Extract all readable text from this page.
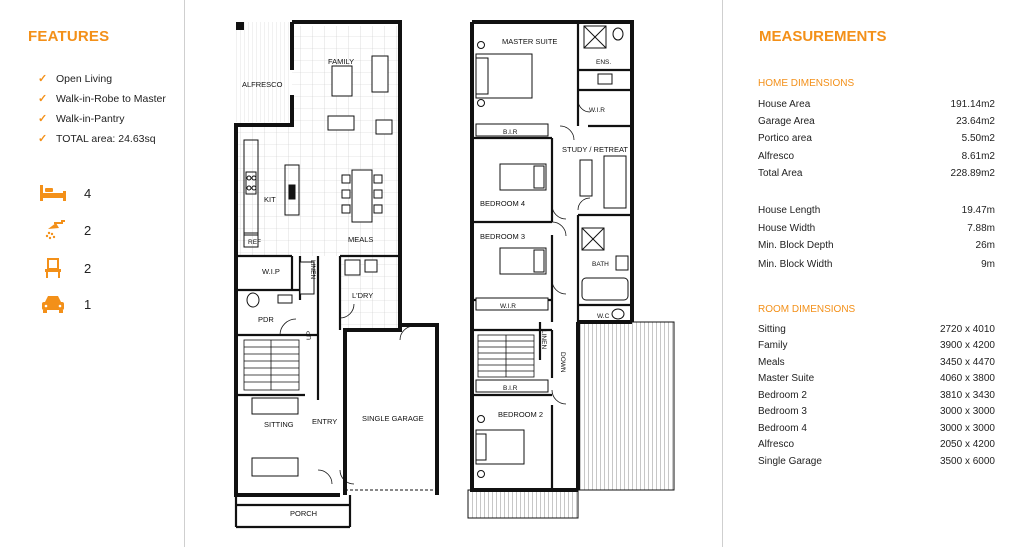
FEATURES
✓ Open Living
✓ Walk-in-Robe to Master
✓ Walk-in-Pantry
✓ TOTAL area: 24.63sq
4
2
2
1
ALFRESCO
FAMILY
KIT
REF	MEALS
W.I.P	LINEN
L'DRY
PDR
UP
SITTING ENTRY	SINGLE GARAGE
PORCH
MASTER SUITE
ENS.
W.I.R
B.I.R
STUDY / RETREAT
BEDROOM 4
BEDROOM 3
BATH
W.I.R
W.C
LINEN
DOWN
B.I.R
BEDROOM 2
MEASUREMENTS
HOME DIMENSIONS
House Area	191.14m2
Garage Area	23.64m2
Portico area	5.50m2
Alfresco	8.61m2
Total Area	228.89m2
House Length	19.47m
House Width	7.88m
Min. Block Depth	26m
Min. Block Width	9m
ROOM DIMENSIONS
Sitting	2720 x 4010
Family	3900 x 4200
Meals	3450 x 4470
Master Suite	4060 x 3800
Bedroom 2	3810 x 3430
Bedroom 3	3000 x 3000
Bedroom 4	3000 x 3000
Alfresco	2050 x 4200
Single Garage	3500 x 6000
